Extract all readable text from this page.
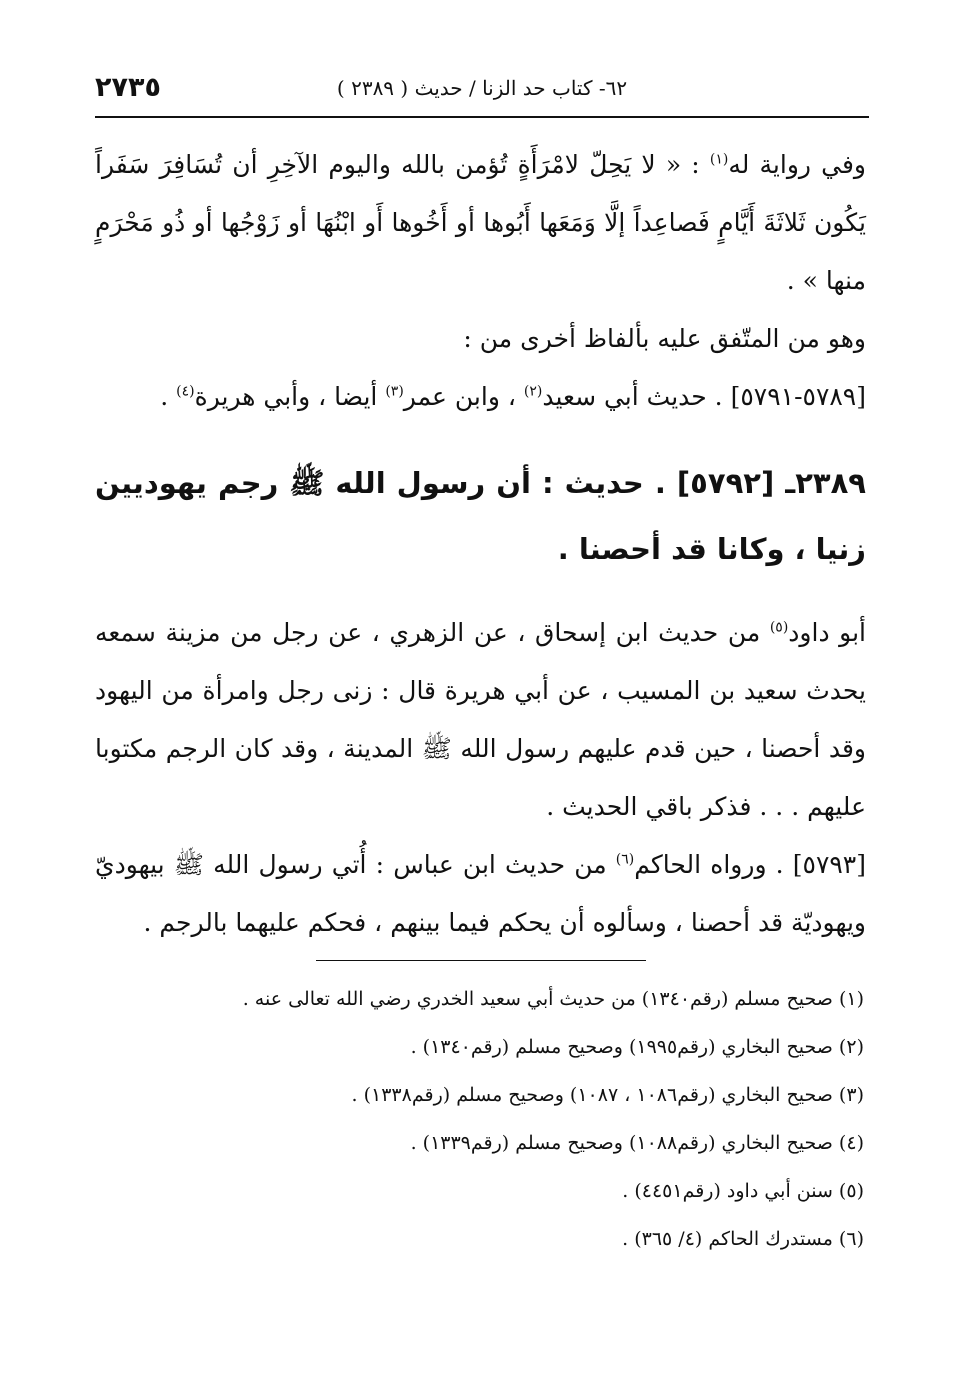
٢٧٣٥	٦٢- كتاب حد الزنا / حديث ( ٢٣٨٩ )

وفي رواية له$^{(١)}$ : « لا يَحِلّ لامْرَأَةٍ تُؤمن بالله واليوم الآخِرِ أن تُسَافِرَ سَفَراً يَكُون ثَلاثَةَ أَيَّامٍ فَصاعِداً إلَّا وَمَعَها أَبُوها أو أَخُوها أَو ابْنُهَا أو زَوْجُها أو ذُو مَحْرَمٍ منها » .

وهو من المتّفق عليه بألفاظ أخرى من :

[٥٧٨٩-٥٧٩١] . حديث أبي سعيد$^{(٢)}$ ، وابن عمر$^{(٣)}$ أيضا ، وأبي هريرة$^{(٤)}$ .

٢٣٨٩ـ [٥٧٩٢] . حديث : أن رسول الله ﷺ رجم يهوديين زنيا ، وكانا قد أحصنا .

أبو داود$^{(٥)}$ من حديث ابن إسحاق ، عن الزهري ، عن رجل من مزينة سمعه يحدث سعيد بن المسيب ، عن أبي هريرة قال : زنى رجل وامرأة من اليهود وقد أحصنا ، حين قدم عليهم رسول الله ﷺ المدينة ، وقد كان الرجم مكتوبا عليهم . . . فذكر باقي الحديث .

[٥٧٩٣] . ورواه الحاكم$^{(٦)}$ من حديث ابن عباس : أُتي رسول الله ﷺ بيهوديّ ويهوديّة قد أحصنا ، وسألوه أن يحكم فيما بينهم ، فحكم عليهما بالرجم .

(١) صحيح مسلم (رقم١٣٤٠) من حديث أبي سعيد الخدري رضي الله تعالى عنه .
(٢) صحيح البخاري (رقم١٩٩٥) وصحيح مسلم (رقم١٣٤٠) .
(٣) صحيح البخاري (رقم١٠٨٦ ، ١٠٨٧) وصحيح مسلم (رقم١٣٣٨) .
(٤) صحيح البخاري (رقم١٠٨٨) وصحيح مسلم (رقم١٣٣٩) .
(٥) سنن أبي داود (رقم٤٤٥١) .
(٦) مستدرك الحاكم (٤/ ٣٦٥) .
